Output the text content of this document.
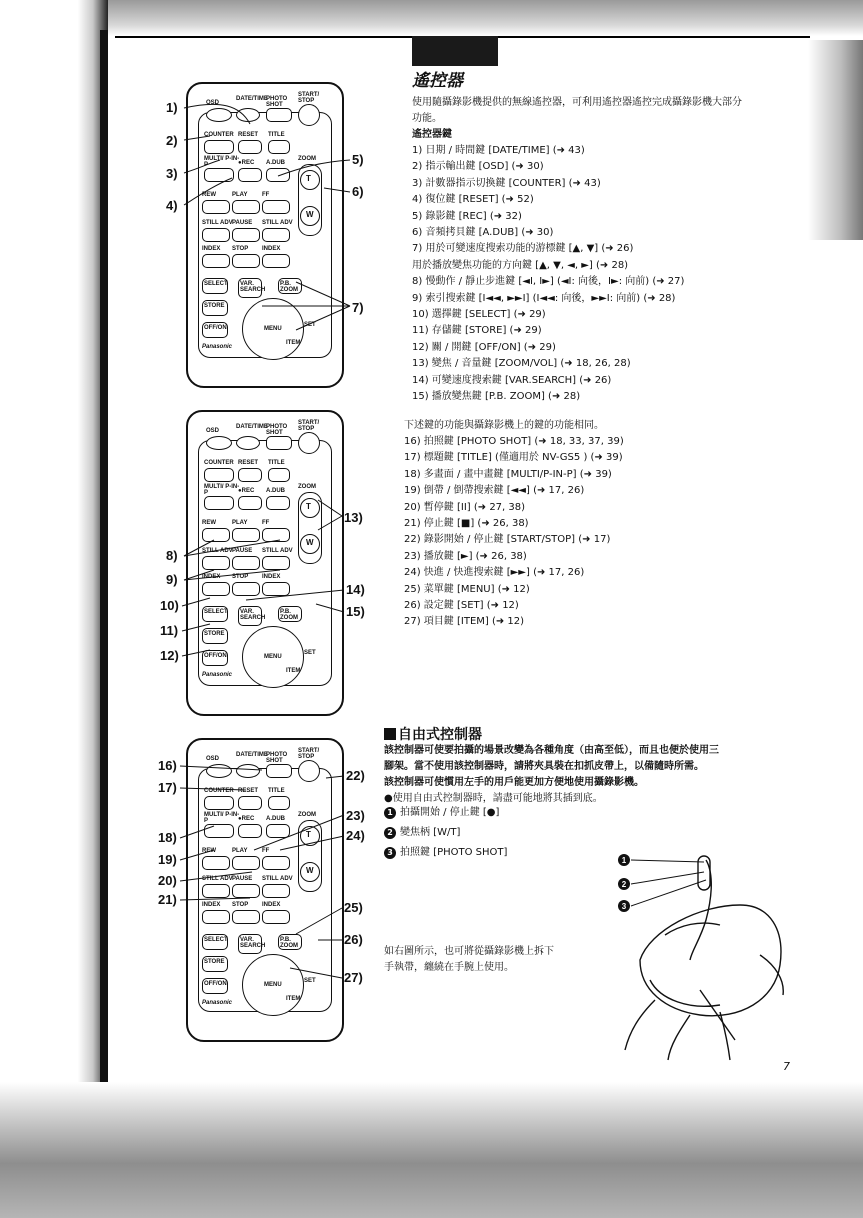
OSD
DATE/TIME
PHOTO SHOT
START/ STOP
COUNTER RESET	TITLE
MULTI/ P-IN-P	●REC	A.DUB
REW	PLAY	FF
STILL ADV PAUSE	STILL ADV
INDEX	STOP	INDEX
SELECT	VAR. SEARCH
P.B. ZOOM
STORE
OFF/ON
T
W
ZOOM
MENU
SET
ITEM
Panasonic
OSD
DATE/TIME
PHOTO SHOT
START/ STOP
COUNTER RESET	TITLE
MULTI/ P-IN-P	●REC	A.DUB
REW	PLAY	FF
STILL ADV PAUSE	STILL ADV
INDEX	STOP	INDEX
SELECT	VAR. SEARCH
P.B. ZOOM
STORE
OFF/ON
T
W
ZOOM
MENU
SET
ITEM
Panasonic
OSD
DATE/TIME
PHOTO SHOT
START/ STOP
COUNTER RESET	TITLE
MULTI/ P-IN-P	●REC	A.DUB
REW	PLAY	FF
STILL ADV PAUSE	STILL ADV
INDEX	STOP	INDEX
SELECT	VAR. SEARCH
P.B. ZOOM
STORE
OFF/ON
T
W
ZOOM
MENU
SET
ITEM
Panasonic
1)
2)
3)
4)
5)
6)
7)
8)
9)
10)
11)
12)
13)
14)
15)
16)
17)
18)
19)
20)
21)
22)
23)
24)
25)
26)
27)
遙控器
使用隨攝錄影機提供的無線遙控器，可利用遙控器遙控完成攝錄影機大部分
功能。
遙控器鍵
1) 日期 / 時間鍵 [DATE/TIME] (➜ 43)
2) 指示輸出鍵 [OSD] (➜ 30)
3) 計數器指示切換鍵 [COUNTER] (➜ 43)
4) 復位鍵 [RESET] (➜ 52)
5) 錄影鍵 [REC] (➜ 32)
6) 音頻拷貝鍵 [A.DUB] (➜ 30)
7) 用於可變速度搜索功能的游標鍵 [▲, ▼] (➜ 26)
用於播放變焦功能的方向鍵 [▲, ▼, ◄, ►] (➜ 28)
8) 慢動作 / 靜止步進鍵 [◄I, I►] (◄I: 向後，I►: 向前) (➜ 27)
9) 索引搜索鍵 [I◄◄, ►►I] (I◄◄: 向後，►►I: 向前) (➜ 28)
10) 選擇鍵 [SELECT] (➜ 29)
11) 存儲鍵 [STORE] (➜ 29)
12) 關 / 開鍵 [OFF/ON] (➜ 29)
13) 變焦 / 音量鍵 [ZOOM/VOL] (➜ 18, 26, 28)
14) 可變速度搜索鍵 [VAR.SEARCH] (➜ 26)
15) 播放變焦鍵 [P.B. ZOOM] (➜ 28)
下述鍵的功能與攝錄影機上的鍵的功能相同。
16) 拍照鍵 [PHOTO SHOT] (➜ 18, 33, 37, 39)
17) 標題鍵 [TITLE] (僅適用於 NV-GS5 ) (➜ 39)
18) 多畫面 / 畫中畫鍵 [MULTI/P-IN-P] (➜ 39)
19) 倒帶 / 倒帶搜索鍵 [◄◄] (➜ 17, 26)
20) 暫停鍵 [II] (➜ 27, 38)
21) 停止鍵 [■] (➜ 26, 38)
22) 錄影開始 / 停止鍵 [START/STOP] (➜ 17)
23) 播放鍵 [►] (➜ 26, 38)
24) 快進 / 快進搜索鍵 [►►] (➜ 17, 26)
25) 菜單鍵 [MENU] (➜ 12)
26) 設定鍵 [SET] (➜ 12)
27) 項目鍵 [ITEM] (➜ 12)
自由式控制器
該控制器可使要拍攝的場景改變為各種角度（由高至低），而且也便於使用三
腳架。當不使用該控制器時，請將夾具裝在扣抓皮帶上，以備隨時所需。
該控制器可使慣用左手的用戶能更加方便地使用攝錄影機。
●使用自由式控制器時，請盡可能地將其插到底。
1 拍攝開始 / 停止鍵 [●]
2 變焦柄 [W/T]
3 拍照鍵 [PHOTO SHOT]
如右圖所示，也可將從攝錄影機上拆下
手執帶，纏繞在手腕上使用。
1
2
3
7
